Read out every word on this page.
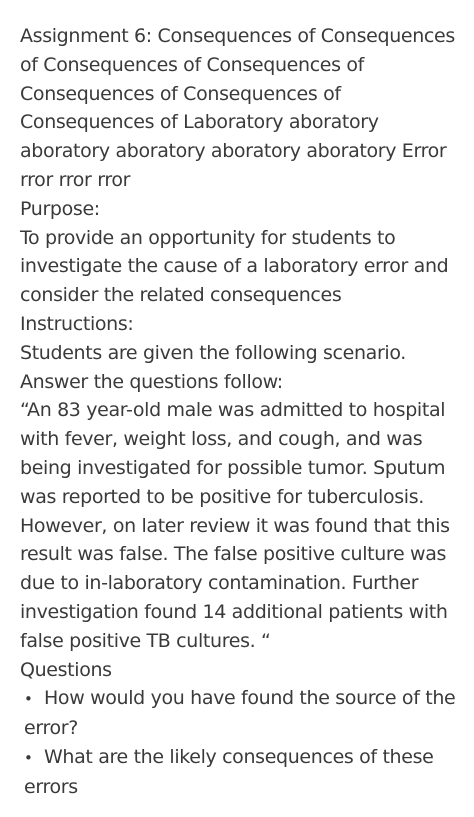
Assignment 6: Consequences of Consequences of Consequences of Consequences of Consequences of Consequences of Consequences of Laboratory aboratory aboratory aboratory aboratory aboratory Error rror rror rror

Purpose:

To provide an opportunity for students to investigate the cause of a laboratory error and consider the related consequences

Instructions:

Students are given the following scenario.

Answer the questions follow:

“An 83 year-old male was admitted to hospital with fever, weight loss, and cough, and was being investigated for possible tumor. Sputum was reported to be positive for tuberculosis. However, on later review it was found that this result was false. The false positive culture was due to in-laboratory contamination. Further investigation found 14 additional patients with false positive TB cultures. “

Questions

• How would you have found the source of the error?

• What are the likely consequences of these errors
